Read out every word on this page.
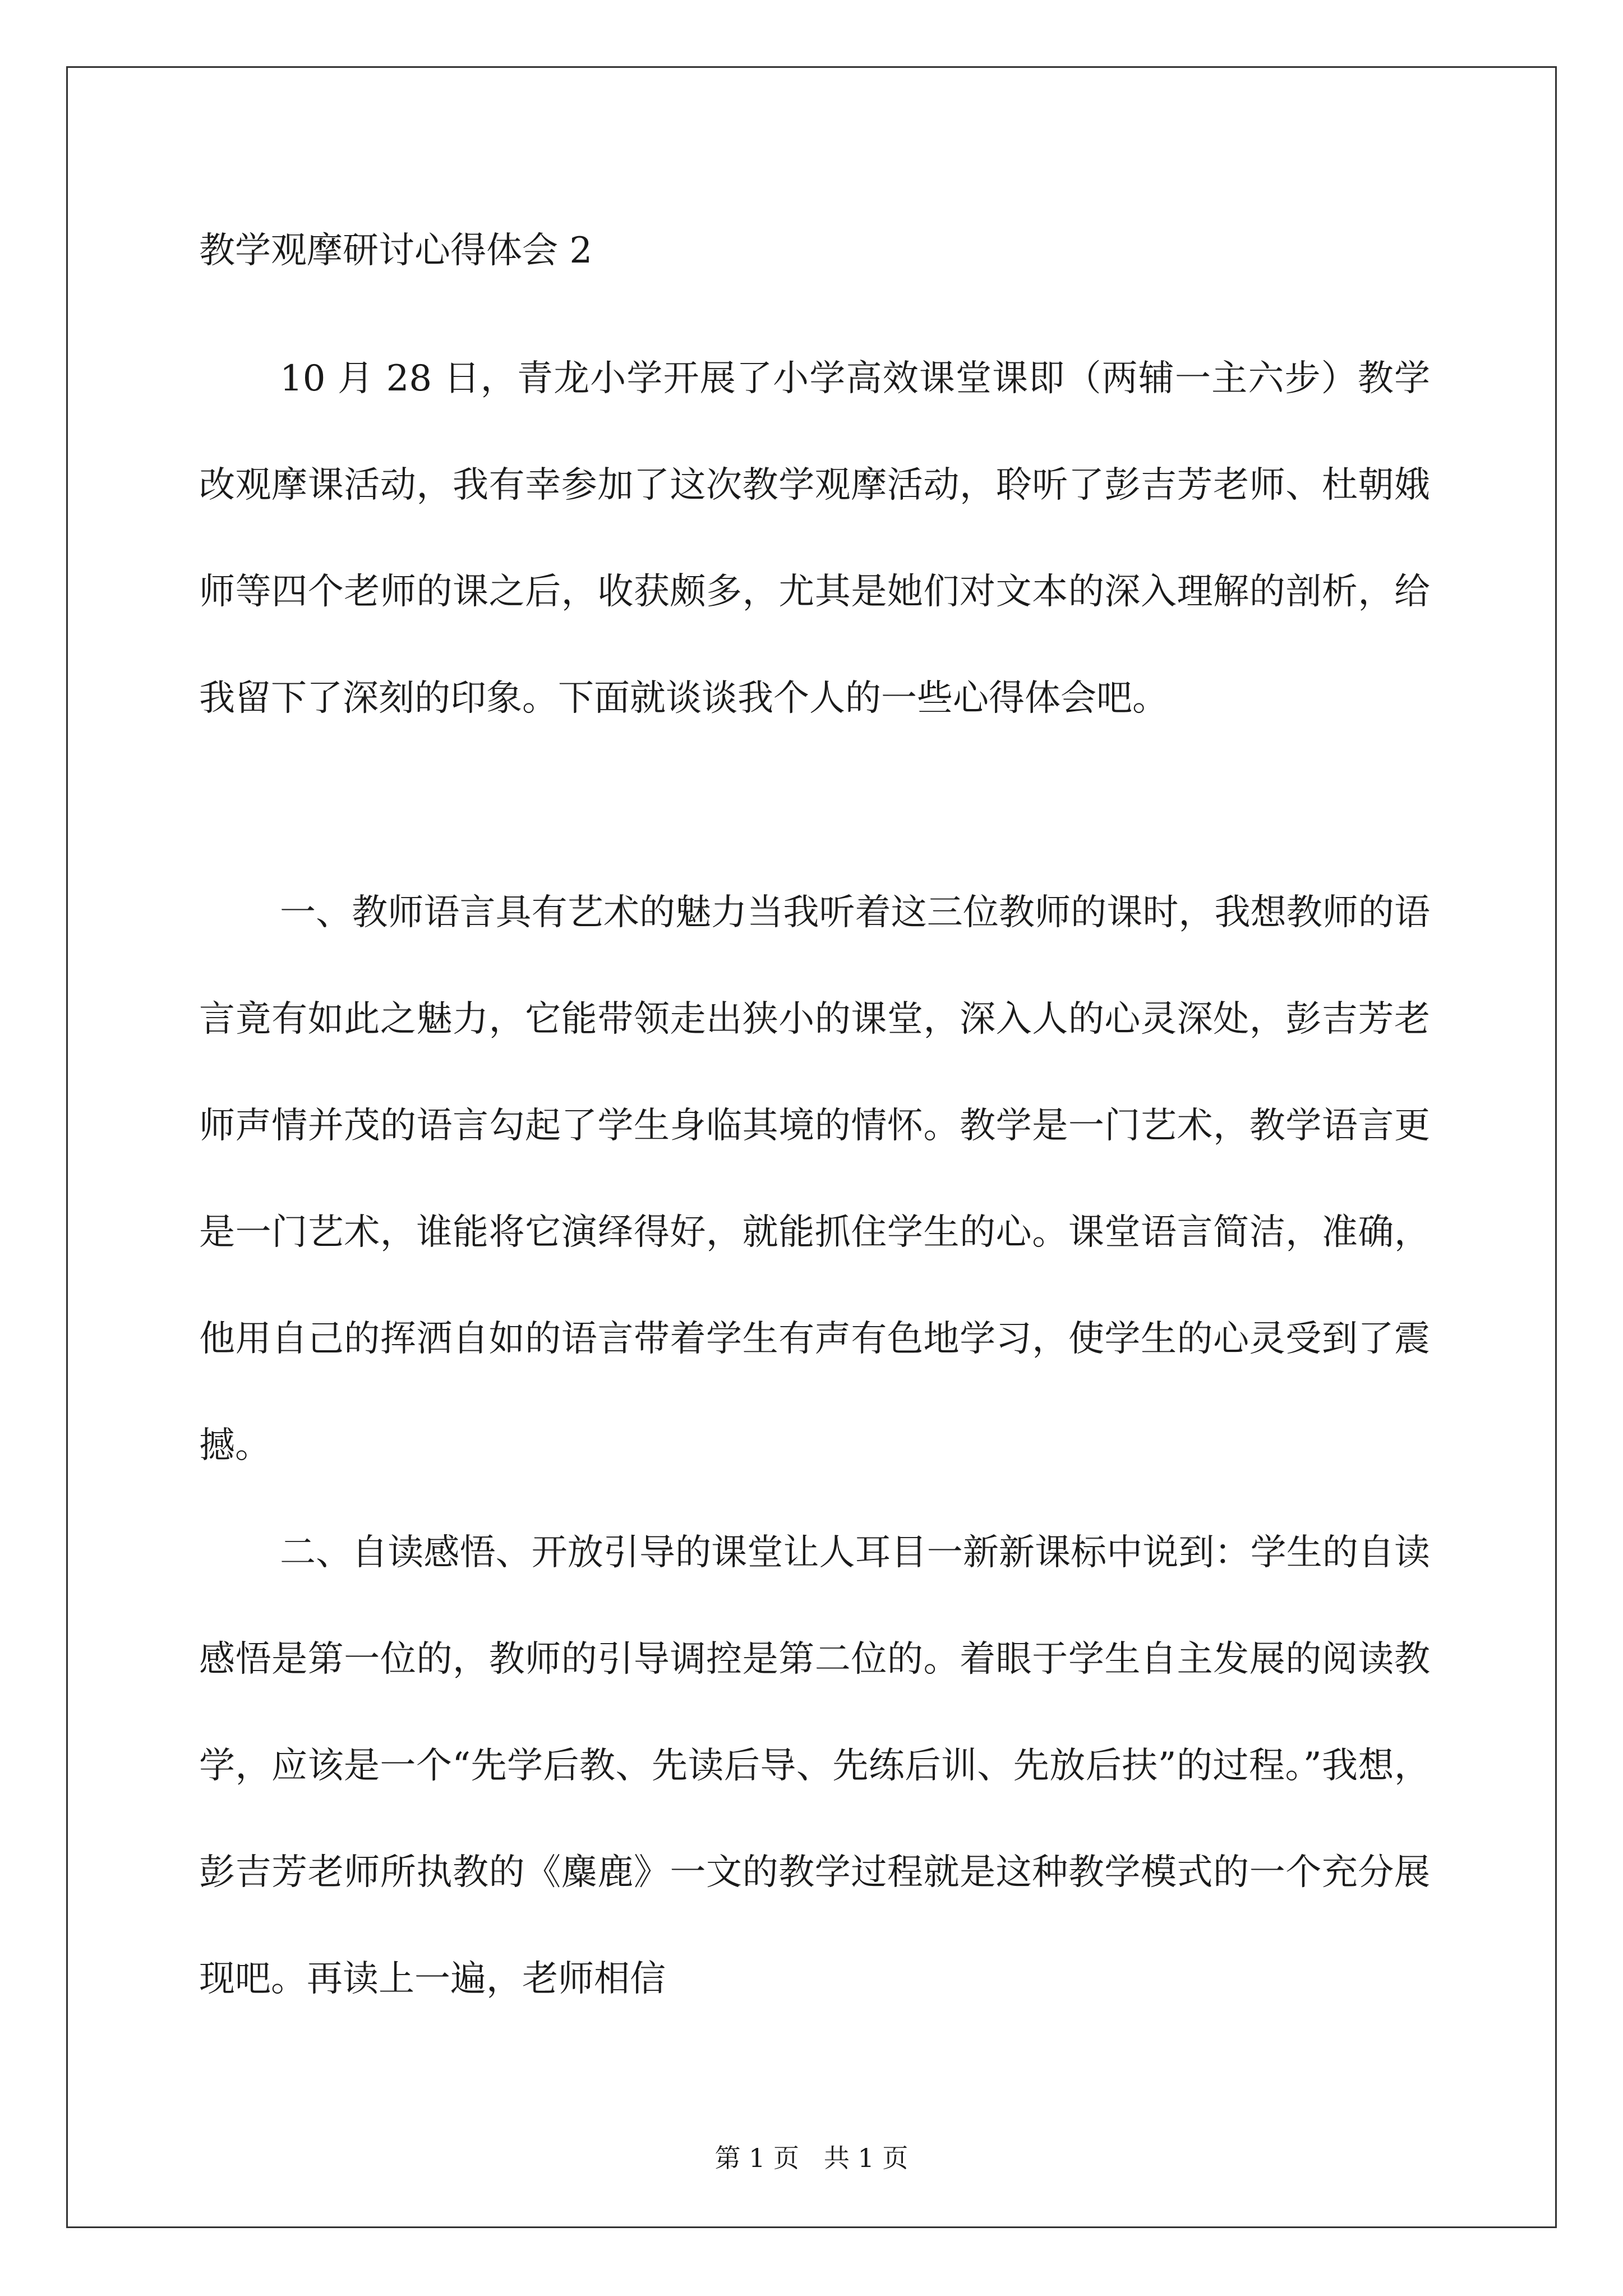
教学观摩研讨心得体会 2

10 月 28 日，青龙小学开展了小学高效课堂课即（两辅一主六步）教学改观摩课活动，我有幸参加了这次教学观摩活动，聆听了彭吉芳老师、杜朝娥师等四个老师的课之后，收获颇多，尤其是她们对文本的深入理解的剖析，给我留下了深刻的印象。下面就谈谈我个人的一些心得体会吧。

一、教师语言具有艺术的魅力当我听着这三位教师的课时，我想教师的语言竟有如此之魅力，它能带领走出狭小的课堂，深入人的心灵深处，彭吉芳老师声情并茂的语言勾起了学生身临其境的情怀。教学是一门艺术，教学语言更是一门艺术，谁能将它演绎得好，就能抓住学生的心。课堂语言简洁，准确，他用自己的挥洒自如的语言带着学生有声有色地学习，使学生的心灵受到了震撼。

二、自读感悟、开放引导的课堂让人耳目一新新课标中说到：学生的自读感悟是第一位的，教师的引导调控是第二位的。着眼于学生自主发展的阅读教学，应该是一个“先学后教、先读后导、先练后训、先放后扶”的过程。”我想，彭吉芳老师所执教的《麋鹿》一文的教学过程就是这种教学模式的一个充分展现吧。再读上一遍，老师相信

第 1 页   共 1 页
